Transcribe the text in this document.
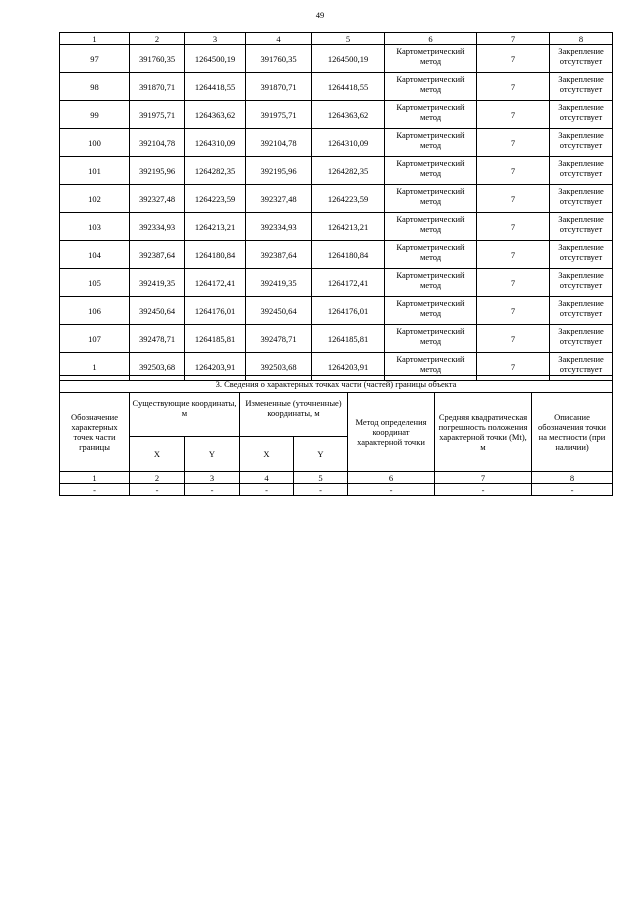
49
1	2	3	4	5	6	7	8
97	391760,35	1264500,19	391760,35	1264500,19	Картометрический метод	7	Закрепление отсутствует
98	391870,71	1264418,55	391870,71	1264418,55	Картометрический метод	7	Закрепление отсутствует
99	391975,71	1264363,62	391975,71	1264363,62	Картометрический метод	7	Закрепление отсутствует
100	392104,78	1264310,09	392104,78	1264310,09	Картометрический метод	7	Закрепление отсутствует
101	392195,96	1264282,35	392195,96	1264282,35	Картометрический метод	7	Закрепление отсутствует
102	392327,48	1264223,59	392327,48	1264223,59	Картометрический метод	7	Закрепление отсутствует
103	392334,93	1264213,21	392334,93	1264213,21	Картометрический метод	7	Закрепление отсутствует
104	392387,64	1264180,84	392387,64	1264180,84	Картометрический метод	7	Закрепление отсутствует
105	392419,35	1264172,41	392419,35	1264172,41	Картометрический метод	7	Закрепление отсутствует
106	392450,64	1264176,01	392450,64	1264176,01	Картометрический метод	7	Закрепление отсутствует
107	392478,71	1264185,81	392478,71	1264185,81	Картометрический метод	7	Закрепление отсутствует
1	392503,68	1264203,91	392503,68	1264203,91	Картометрический метод	7	Закрепление отсутствует
3. Сведения о характерных точках части (частей) границы объекта							
Обозначение характерных точек части границы	Существующие координаты, м		Измененные (уточненные) координаты, м		Метод определения координат характерной точки	Средняя квадратическая погрешность положения характерной точки (Mt), м	Описание обозначения точки на местности (при наличии)
	X	Y	X	Y			
1	2	3	4	5	6	7	8
-	-	-	-	-	-	-	-
